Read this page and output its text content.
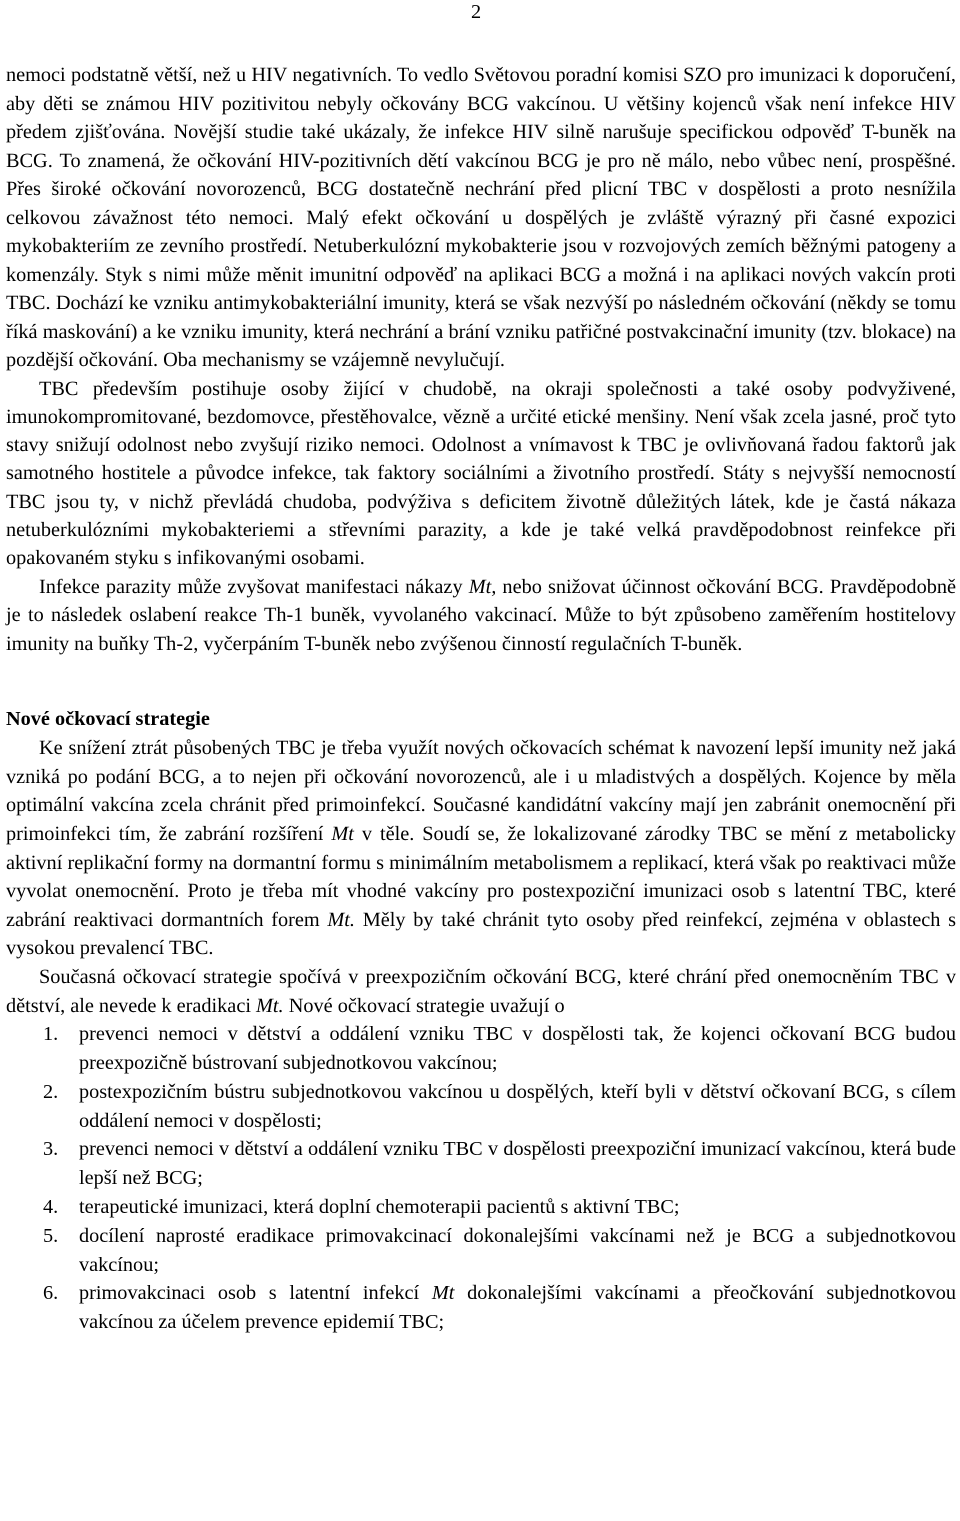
2

nemoci podstatně větší, než u HIV negativních. To vedlo Světovou poradní komisi SZO pro imunizaci k doporučení, aby děti se známou HIV pozitivitou nebyly očkovány BCG vakcínou. U většiny kojenců však není infekce HIV předem zjišťována. Novější studie také ukázaly, že infekce HIV silně narušuje specifickou odpověď T-buněk na BCG. To znamená, že očkování HIV-pozitivních dětí vakcínou BCG je pro ně málo, nebo vůbec není, prospěšné. Přes široké očkování novorozenců, BCG dostatečně nechrání před plicní TBC v dospělosti a proto nesnížila celkovou závažnost této nemoci. Malý efekt očkování u dospělých je zvláště výrazný při časné expozici mykobakteriím ze zevního prostředí. Netuberkulózní mykobakterie jsou v rozvojových zemích běžnými patogeny a komenzály. Styk s nimi může měnit imunitní odpověď na aplikaci BCG a možná i na aplikaci nových vakcín proti TBC. Dochází ke vzniku antimykobakteriální imunity, která se však nezvýší po následném očkování (někdy se tomu říká maskování) a ke vzniku imunity, která nechrání a brání vzniku patřičné postvakcinační imunity (tzv. blokace) na pozdější očkování. Oba mechanismy se vzájemně nevylučují.

TBC především postihuje osoby žijící v chudobě, na okraji společnosti a také osoby podvyživené, imunokompromitované, bezdomovce, přestěhovalce, vězně a určité etické menšiny. Není však zcela jasné, proč tyto stavy snižují odolnost nebo zvyšují riziko nemoci. Odolnost a vnímavost k TBC je ovlivňovaná řadou faktorů jak samotného hostitele a původce infekce, tak faktory sociálními a životního prostředí. Státy s nejvyšší nemocností TBC jsou ty, v nichž převládá chudoba, podvýživa s deficitem životně důležitých látek, kde je častá nákaza netuberkulózními mykobakteriemi a střevními parazity, a kde je také velká pravděpodobnost reinfekce při opakovaném styku s infikovanými osobami.

Infekce parazity může zvyšovat manifestaci nákazy Mt, nebo snižovat účinnost očkování BCG. Pravděpodobně je to následek oslabení reakce Th-1 buněk, vyvolaného vakcinací. Může to být způsobeno zaměřením hostitelovy imunity na buňky Th-2, vyčerpáním T-buněk nebo zvýšenou činností regulačních T-buněk.

Nové očkovací strategie

Ke snížení ztrát působených TBC je třeba využít nových očkovacích schémat k navození lepší imunity než jaká vzniká po podání BCG, a to nejen při očkování novorozenců, ale i u mladistvých a dospělých. Kojence by měla optimální vakcína zcela chránit před primoinfekcí. Současné kandidátní vakcíny mají jen zabránit onemocnění při primoinfekci tím, že zabrání rozšíření Mt v těle. Soudí se, že lokalizované zárodky TBC se mění z metabolicky aktivní replikační formy na dormantní formu s minimálním metabolismem a replikací, která však po reaktivaci může vyvolat onemocnění. Proto je třeba mít vhodné vakcíny pro postexpoziční imunizaci osob s latentní TBC, které zabrání reaktivaci dormantních forem Mt. Měly by také chránit tyto osoby před reinfekcí, zejména v oblastech s vysokou prevalencí TBC.

Současná očkovací strategie spočívá v preexpozičním očkování BCG, které chrání před onemocněním TBC v dětství, ale nevede k eradikaci Mt. Nové očkovací strategie uvažují o

1. prevenci nemoci v dětství a oddálení vzniku TBC v dospělosti tak, že kojenci očkovaní BCG budou preexpozičně bústrovaní subjednotkovou vakcínou;
2. postexpozičním bústru subjednotkovou vakcínou u dospělých, kteří byli v dětství očkovaní BCG, s cílem oddálení nemoci v dospělosti;
3. prevenci nemoci v dětství a oddálení vzniku TBC v dospělosti preexpoziční imunizací vakcínou, která bude lepší než BCG;
4. terapeutické imunizaci, která doplní chemoterapii pacientů s aktivní TBC;
5. docílení naprosté eradikace primovakcinací dokonalejšími vakcínami než je BCG a subjednotkovou vakcínou;
6. primovakcinaci osob s latentní infekcí Mt dokonalejšími vakcínami a přeočkování subjednotkovou vakcínou za účelem prevence epidemií TBC;
